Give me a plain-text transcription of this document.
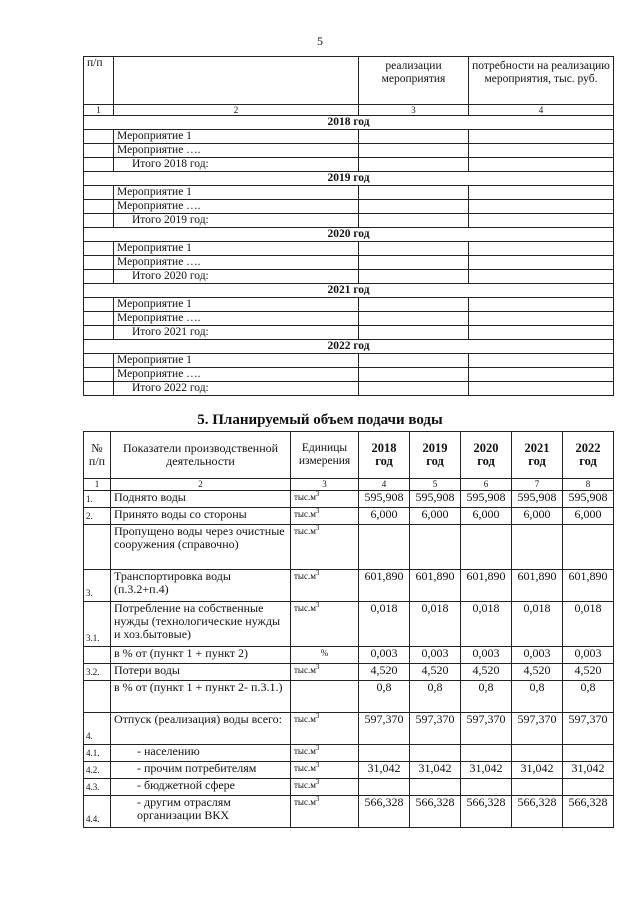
5
п/п		реализации мероприятия	потребности на реализацию мероприятия, тыс. руб.
1	2	3	4
2018 год			
	Мероприятие 1		
	Мероприятие ….		
	Итого 2018 год:		
2019 год			
	Мероприятие 1		
	Мероприятие ….		
	Итого 2019 год:		
2020 год			
	Мероприятие 1		
	Мероприятие ….		
	Итого 2020 год:		
2021 год			
	Мероприятие 1		
	Мероприятие ….		
	Итого 2021 год:		
2022 год			
	Мероприятие 1		
	Мероприятие ….		
	Итого 2022 год:		
5. Планируемый объем подачи воды
№ п/п	Показатели производственной деятельности	Единицы измерения	2018 год	2019 год	2020 год	2021 год	2022 год
1	2	3	4	5	6	7	8
1.	Поднято воды	$тыс.м^3$	595,908	595,908	595,908	595,908	595,908
2.	Принято воды со стороны	$тыс.м^3$	6,000	6,000	6,000	6,000	6,000
	Пропущено воды через очистные сооружения (справочно)	$тыс.м^3$					
3.	Транспортировка воды (п.3.2+п.4)	$тыс.м^3$	601,890	601,890	601,890	601,890	601,890
3.1.	Потребление на собственные нужды (технологические нужды и хоз.бытовые)	$тыс.м^3$	0,018	0,018	0,018	0,018	0,018
	в % от (пункт 1 + пункт 2)	%	0,003	0,003	0,003	0,003	0,003
3.2.	Потери воды	$тыс.м^3$	4,520	4,520	4,520	4,520	4,520
	в % от (пункт 1 + пункт 2- п.3.1.)		0,8	0,8	0,8	0,8	0,8
4.	Отпуск (реализация) воды всего:	$тыс.м^3$	597,370	597,370	597,370	597,370	597,370
4.1.	- населению	$тыс.м^3$					
4.2.	- прочим потребителям	$тыс.м^3$	31,042	31,042	31,042	31,042	31,042
4.3.	- бюджетной сфере	$тыс.м^3$					
4.4.	- другим отраслям организации ВКХ	$тыс.м^3$	566,328	566,328	566,328	566,328	566,328
